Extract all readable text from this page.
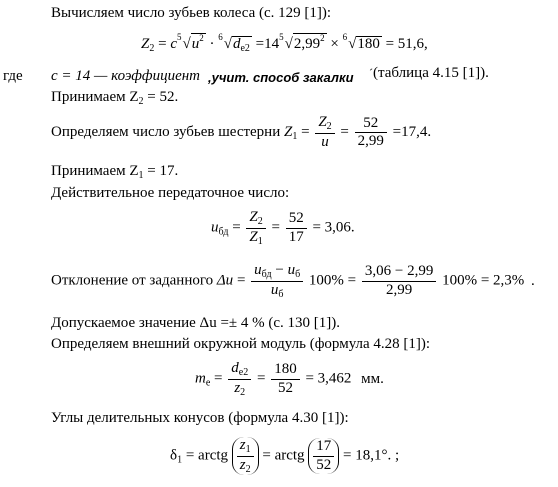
Вычисляем число зубьев колеса (с. 129 [1]):
$Z_2 = c^5√u^2 \cdot ^6√d_{e2} =14^5√2,99^2 \times ^6√180 = 51,6$,
где c = 14 — коэффициент ,учит. способ закалки ´(таблица 4.15 [1]).
Принимаем $Z_2 = 52$.
Определяем число зубьев шестерни $Z_1 = \frac{Z_2}{u} = \frac{52}{2,99} =17,4$.
Принимаем $Z_1 = 17$.
Действительное передаточное число:
$u_{бд} = \frac{Z_2}{Z_1} = \frac{52}{17} = 3,06$.
Отклонение от заданного $\Delta u = \frac{u_{бд} - u_б}{u_б} 100\% = \frac{3,06 - 2,99}{2,99} 100\% = 2,3\%$ .
Допускаемое значение Δu =± 4 % (с. 130 [1]).
Определяем внешний окружной модуль (формула 4.28 [1]):
$m_e = \frac{d_{e2}}{z_2} = \frac{180}{52} = 3,462$ мм.
Углы делительных конусов (формула 4.30 [1]):
$\delta_1$ = arctg $\frac{z_1}{z_2}$ = arctg $\frac{17}{52} = 18,1^\circ$. ;
